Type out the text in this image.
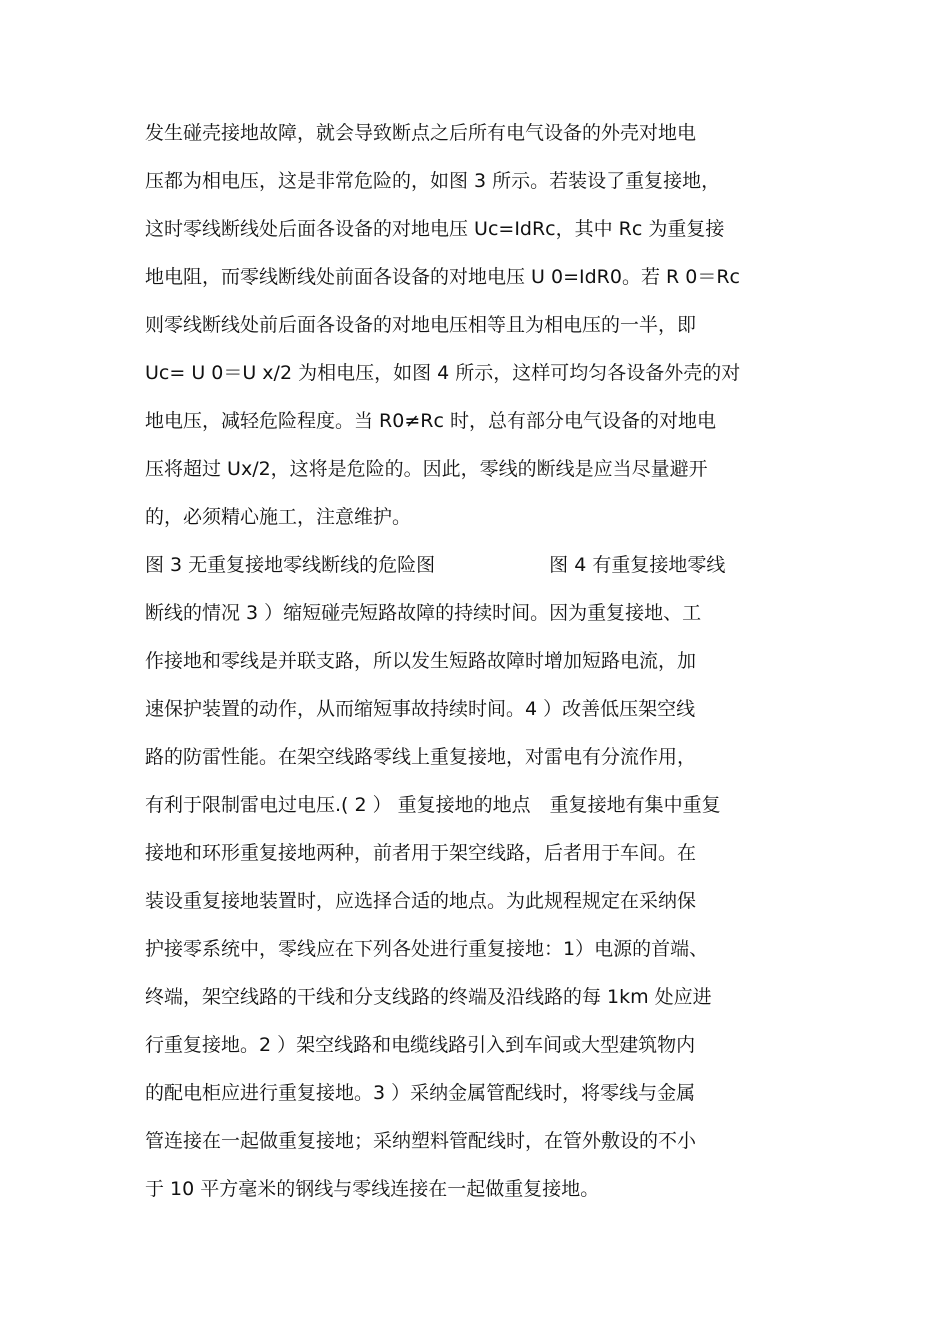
发生碰壳接地故障，就会导致断点之后所有电气设备的外壳对地电
压都为相电压，这是非常危险的，如图 3 所示。若装设了重复接地，
这时零线断线处后面各设备的对地电压 Uc=IdRc，其中 Rc 为重复接
地电阻，而零线断线处前面各设备的对地电压 U 0=IdR0。若 R 0＝Rc
则零线断线处前后面各设备的对地电压相等且为相电压的一半，即
Uc= U 0＝U x/2 为相电压，如图 4 所示，这样可均匀各设备外壳的对
地电压，减轻危险程度。当 R0≠Rc 时，总有部分电气设备的对地电
压将超过 Ux/2，这将是危险的。因此，零线的断线是应当尽量避开
的，必须精心施工，注意维护。
图 3 无重复接地零线断线的危险图　　　　　　图 4 有重复接地零线
断线的情况 3 ）缩短碰壳短路故障的持续时间。因为重复接地、工
作接地和零线是并联支路，所以发生短路故障时增加短路电流，加
速保护装置的动作，从而缩短事故持续时间。4 ）改善低压架空线
路的防雷性能。在架空线路零线上重复接地，对雷电有分流作用，
有利于限制雷电过电压.( 2 ） 重复接地的地点　重复接地有集中重复
接地和环形重复接地两种，前者用于架空线路，后者用于车间。在
装设重复接地装置时，应选择合适的地点。为此规程规定在采纳保
护接零系统中，零线应在下列各处进行重复接地：1）电源的首端、
终端，架空线路的干线和分支线路的终端及沿线路的每 1km 处应进
行重复接地。2 ）架空线路和电缆线路引入到车间或大型建筑物内
的配电柜应进行重复接地。3 ）采纳金属管配线时，将零线与金属
管连接在一起做重复接地；采纳塑料管配线时，在管外敷设的不小
于 10 平方毫米的钢线与零线连接在一起做重复接地。
